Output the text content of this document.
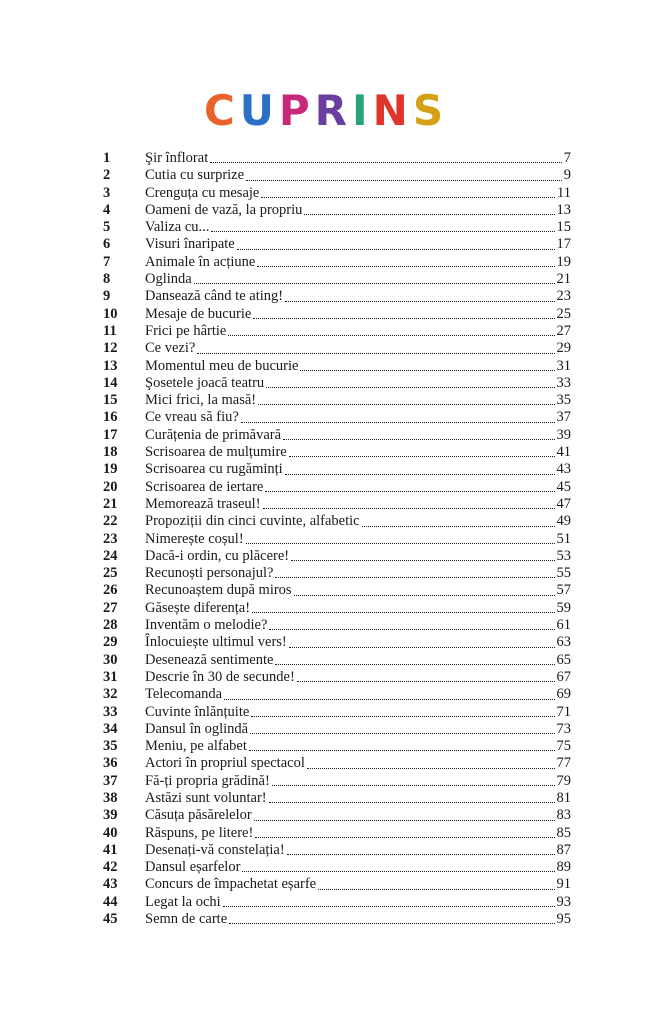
CUPRINS
1	Şir înflorat	7
2	Cutia cu surprize	9
3	Crenguța cu mesaje	11
4	Oameni de vază, la propriu	13
5	Valiza cu...	15
6	Visuri înaripate	17
7	Animale în acțiune	19
8	Oglinda	21
9	Dansează când te ating!	23
10	Mesaje de bucurie	25
11	Frici pe hârtie	27
12	Ce vezi?	29
13	Momentul meu de bucurie	31
14	Şosetele joacă teatru	33
15	Mici frici, la masă!	35
16	Ce vreau să fiu?	37
17	Curățenia de primăvară	39
18	Scrisoarea de mulțumire	41
19	Scrisoarea cu rugăminți	43
20	Scrisoarea de iertare	45
21	Memorează traseul!	47
22	Propoziții din cinci cuvinte, alfabetic	49
23	Nimerește coșul!	51
24	Dacă-i ordin, cu plăcere!	53
25	Recunoști personajul?	55
26	Recunoaștem după miros	57
27	Găsește diferența!	59
28	Inventăm o melodie?	61
29	Înlocuiește ultimul vers!	63
30	Desenează sentimente	65
31	Descrie în 30 de secunde!	67
32	Telecomanda	69
33	Cuvinte înlănțuite	71
34	Dansul în oglindă	73
35	Meniu, pe alfabet	75
36	Actori în propriul spectacol	77
37	Fă-ți propria grădină!	79
38	Astăzi sunt voluntar!	81
39	Căsuța păsărelelor	83
40	Răspuns, pe litere!	85
41	Desenați-vă constelația!	87
42	Dansul eșarfelor	89
43	Concurs de împachetat eșarfe	91
44	Legat la ochi	93
45	Semn de carte	95
